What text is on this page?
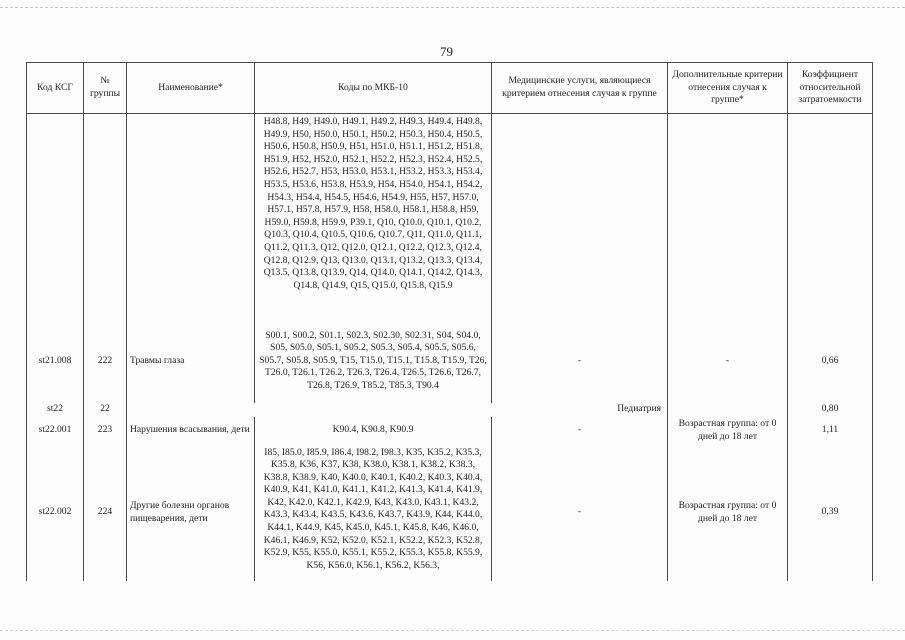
79
Код КСГ	№ группы	Наименование*	Коды по МКБ-10	Медицинские услуги, являющиеся критерием отнесения случая к группе	Дополнительные критерии отнесения случая к группе*	Коэффициент относительной затратоемкости
			H48.8, H49, H49.0, H49.1, H49.2, H49.3, H49.4, H49.8, H49.9, H50, H50.0, H50.1, H50.2, H50.3, H50.4, H50.5, H50.6, H50.8, H50.9, H51, H51.0, H51.1, H51.2, H51.8, H51.9, H52, H52.0, H52.1, H52.2, H52.3, H52.4, H52.5, H52.6, H52.7, H53, H53.0, H53.1, H53.2, H53.3, H53.4, H53.5, H53.6, H53.8, H53.9, H54, H54.0, H54.1, H54.2, H54.3, H54.4, H54.5, H54.6, H54.9, H55, H57, H57.0, H57.1, H57.8, H57.9, H58, H58.0, H58.1, H58.8, H59, H59.0, H59.8, H59.9, P39.1, Q10, Q10.0, Q10.1, Q10.2, Q10.3, Q10.4, Q10.5, Q10.6, Q10.7, Q11, Q11.0, Q11.1, Q11.2, Q11.3, Q12, Q12.0, Q12.1, Q12.2, Q12.3, Q12.4, Q12.8, Q12.9, Q13, Q13.0, Q13.1, Q13.2, Q13.3, Q13.4, Q13.5, Q13.8, Q13.9, Q14, Q14.0, Q14.1, Q14.2, Q14.3, Q14.8, Q14.9, Q15, Q15.0, Q15.8, Q15.9			
st21.008	222	Травмы глаза	S00.1, S00.2, S01.1, S02.3, S02.30, S02.31, S04, S04.0, S05, S05.0, S05.1, S05.2, S05.3, S05.4, S05.5, S05.6, S05.7, S05.8, S05.9, T15, T15.0, T15.1, T15.8, T15.9, T26, T26.0, T26.1, T26.2, T26.3, T26.4, T26.5, T26.6, T26.7, T26.8, T26.9, T85.2, T85.3, T90.4	-	-	0,66
st22	22	Педиатрия				0,80
st22.001	223	Нарушения всасывания, дети	K90.4, K90.8, K90.9	-	Возрастная группа: от 0 дней до 18 лет	1,11
st22.002	224	Другие болезни органов пищеварения, дети	I85, I85.0, I85.9, I86.4, I98.2, I98.3, K35, K35.2, K35.3, K35.8, K36, K37, K38, K38.0, K38.1, K38.2, K38.3, K38.8, K38.9, K40, K40.0, K40.1, K40.2, K40.3, K40.4, K40.9, K41, K41.0, K41.1, K41.2, K41.3, K41.4, K41.9, K42, K42.0, K42.1, K42.9, K43, K43.0, K43.1, K43.2, K43.3, K43.4, K43.5, K43.6, K43.7, K43.9, K44, K44.0, K44.1, K44.9, K45, K45.0, K45.1, K45.8, K46, K46.0, K46.1, K46.9, K52, K52.0, K52.1, K52.2, K52.3, K52.8, K52.9, K55, K55.0, K55.1, K55.2, K55.3, K55.8, K55.9, K56, K56.0, K56.1, K56.2, K56.3,	-	Возрастная группа: от 0 дней до 18 лет	0,39
